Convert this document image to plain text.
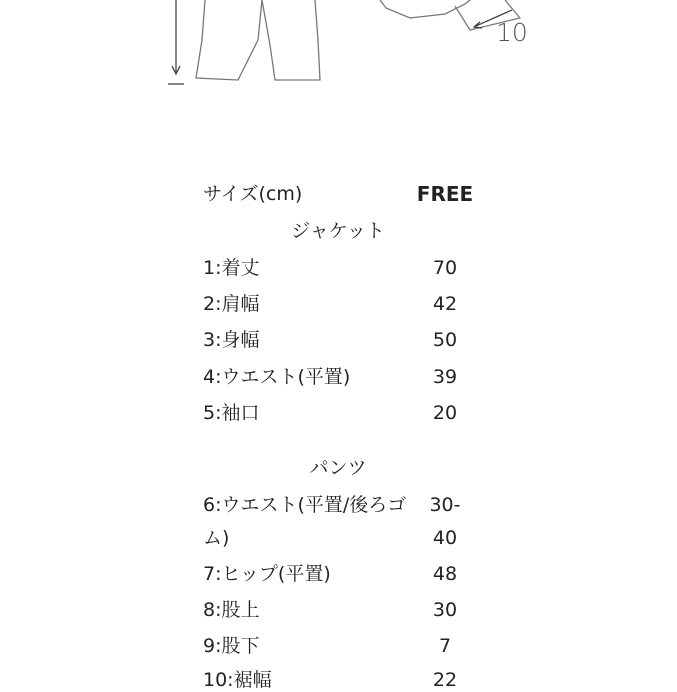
10
サイズ(cm)	FREE
ジャケット
1:着丈	70
2:肩幅	42
3:身幅	50
4:ウエスト(平置)	39
5:袖口	20
パンツ
6:ウエスト(平置/後ろゴ	30-
ム)	40
7:ヒップ(平置)	48
8:股上	30
9:股下	7
10:裾幅	22
